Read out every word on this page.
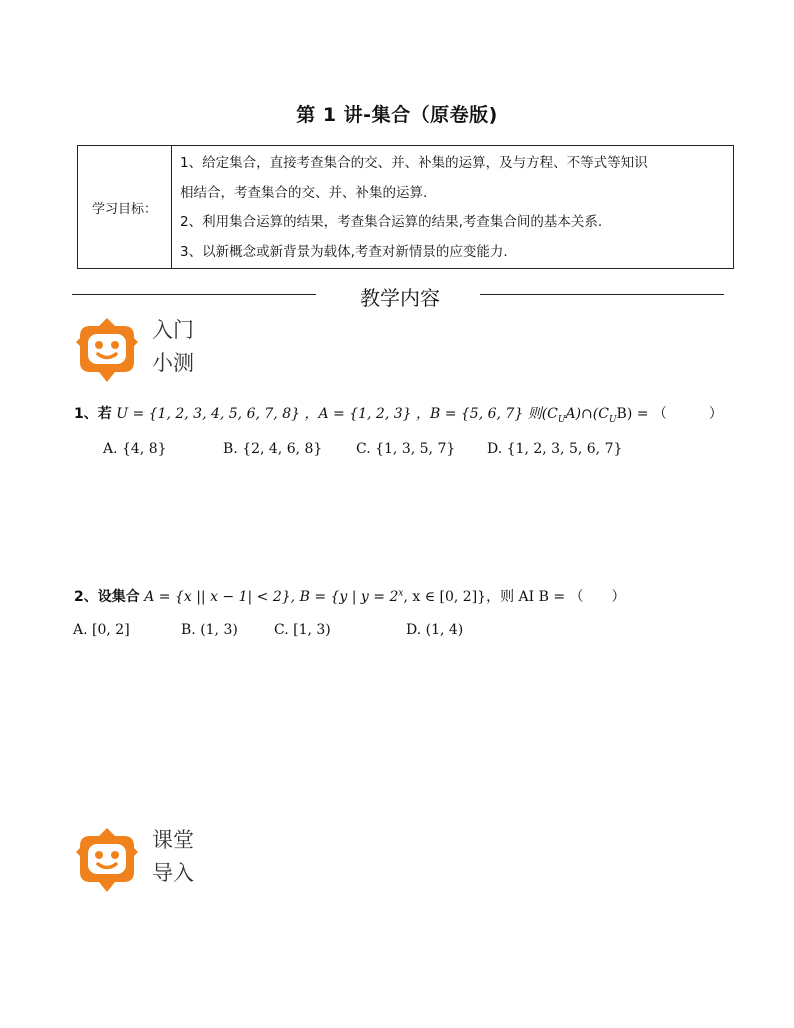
第 1 讲-集合（原卷版)
学习目标：
1、给定集合，直接考查集合的交、并、补集的运算，及与方程、不等式等知识
相结合，考查集合的交、并、补集的运算.
2、利用集合运算的结果，考查集合运算的结果,考查集合间的基本关系.
3、以新概念或新背景为载体,考查对新情景的应变能力.
教学内容
入门
小测
1、若 U = {1, 2, 3, 4, 5, 6, 7, 8} ，A = {1, 2, 3} ，B = {5, 6, 7} 则$(C_UA)\cap(C_UB)$ = （　　　）
A. {4, 8}	B. {2, 4, 6, 8} C. {1, 3, 5, 7} D. {1, 2, 3, 5, 6, 7}
2、设集合 A = {x || x − 1| < 2}, B = {y | $y = 2^x$, x ∈ [0, 2]}，则 AI B = （　　）
A. [0, 2]	B. (1, 3)	C. [1, 3)	D. (1, 4)
课堂
导入
